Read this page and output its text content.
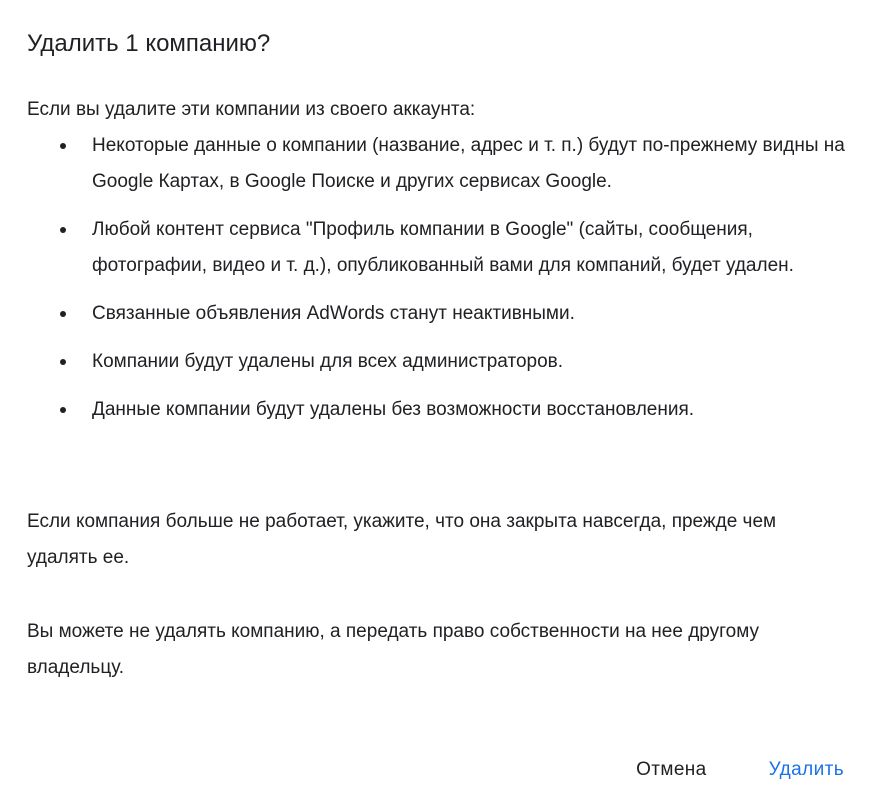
Удалить 1 компанию?

Если вы удалите эти компании из своего аккаунта:

Некоторые данные о компании (название, адрес и т. п.) будут по-прежнему видны на Google Картах, в Google Поиске и других сервисах Google.
Любой контент сервиса "Профиль компании в Google" (сайты, сообщения, фотографии, видео и т. д.), опубликованный вами для компаний, будет удален.
Связанные объявления AdWords станут неактивными.
Компании будут удалены для всех администраторов.
Данные компании будут удалены без возможности восстановления.

Если компания больше не работает, укажите, что она закрыта навсегда, прежде чем удалять ее.

Вы можете не удалять компанию, а передать право собственности на нее другому владельцу.

Отмена	Удалить
